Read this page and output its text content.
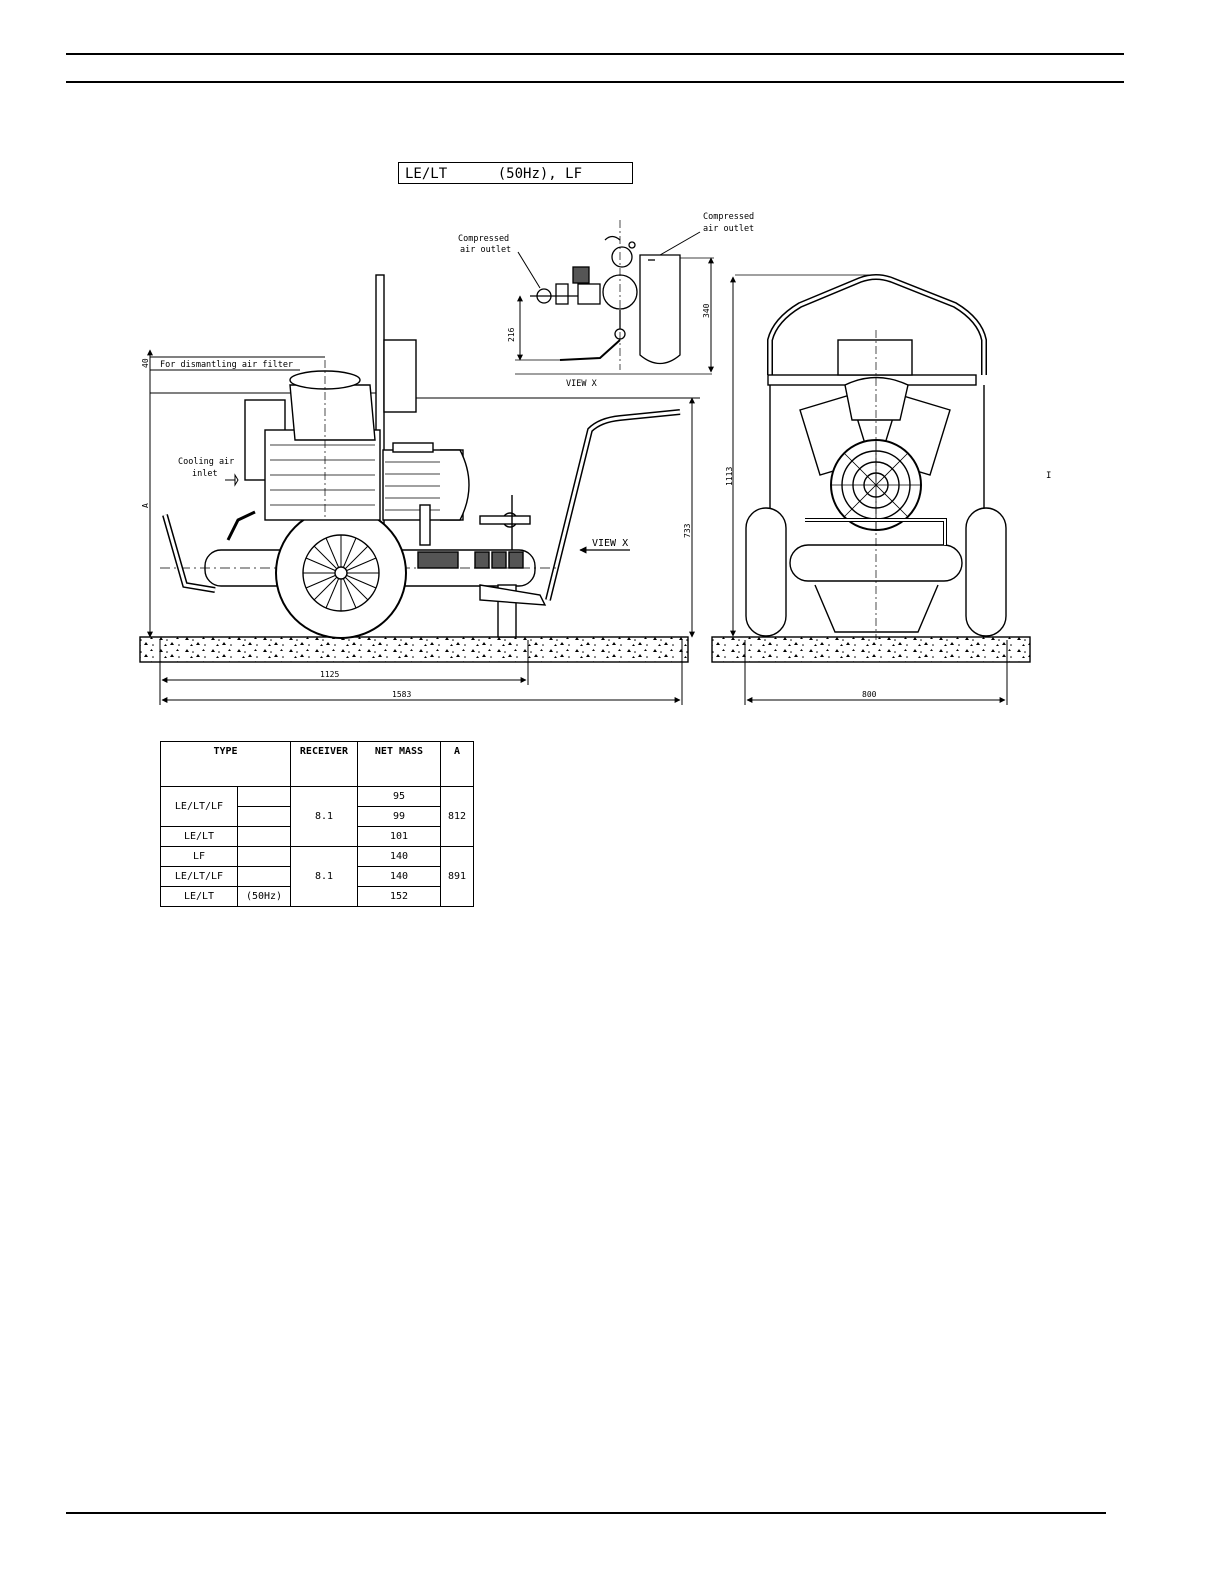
LE/LT	(50Hz), LF
For dismantling air filter
Cooling air
inlet
VIEW X
40
A
733
1125
1583
Compressed
air outlet
Compressed
air outlet
216
340
VIEW X
1113
800
I
TYPE		RECEIVER	NET MASS	A
LE/LT/LF		8.1	95	812
			99	
LE/LT			101	
LF		8.1	140	891
LE/LT/LF			140	
LE/LT	(50Hz)		152	
